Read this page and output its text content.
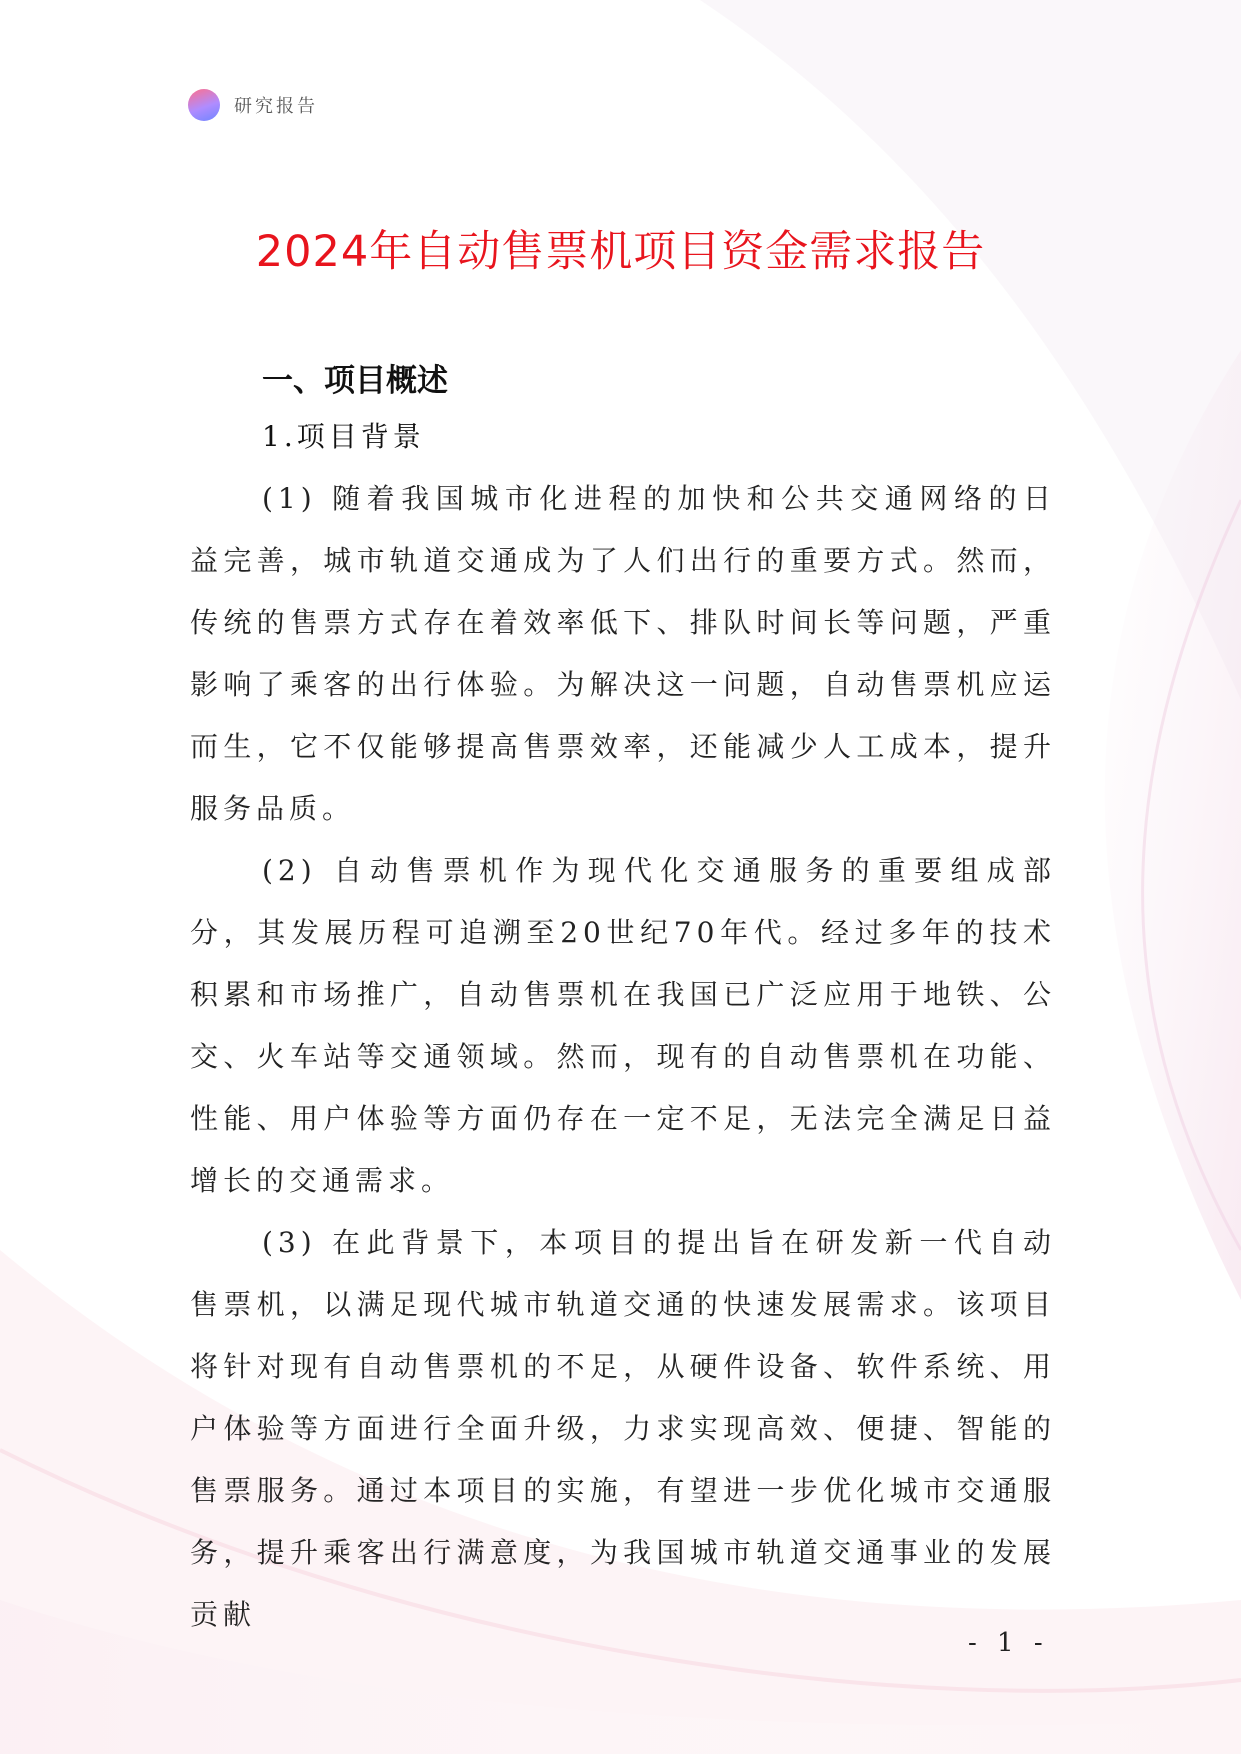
研究报告
2024年自动售票机项目资金需求报告

一、项目概述

1.项目背景

(1) 随着我国城市化进程的加快和公共交通网络的日益完善，城市轨道交通成为了人们出行的重要方式。然而，传统的售票方式存在着效率低下、排队时间长等问题，严重影响了乘客的出行体验。为解决这一问题，自动售票机应运而生，它不仅能够提高售票效率，还能减少人工成本，提升服务品质。

(2) 自动售票机作为现代化交通服务的重要组成部分，其发展历程可追溯至20世纪70年代。经过多年的技术积累和市场推广，自动售票机在我国已广泛应用于地铁、公交、火车站等交通领域。然而，现有的自动售票机在功能、性能、用户体验等方面仍存在一定不足，无法完全满足日益增长的交通需求。

(3) 在此背景下，本项目的提出旨在研发新一代自动售票机，以满足现代城市轨道交通的快速发展需求。该项目将针对现有自动售票机的不足，从硬件设备、软件系统、用户体验等方面进行全面升级，力求实现高效、便捷、智能的售票服务。通过本项目的实施，有望进一步优化城市交通服务，提升乘客出行满意度，为我国城市轨道交通事业的发展贡献

- 1 -
